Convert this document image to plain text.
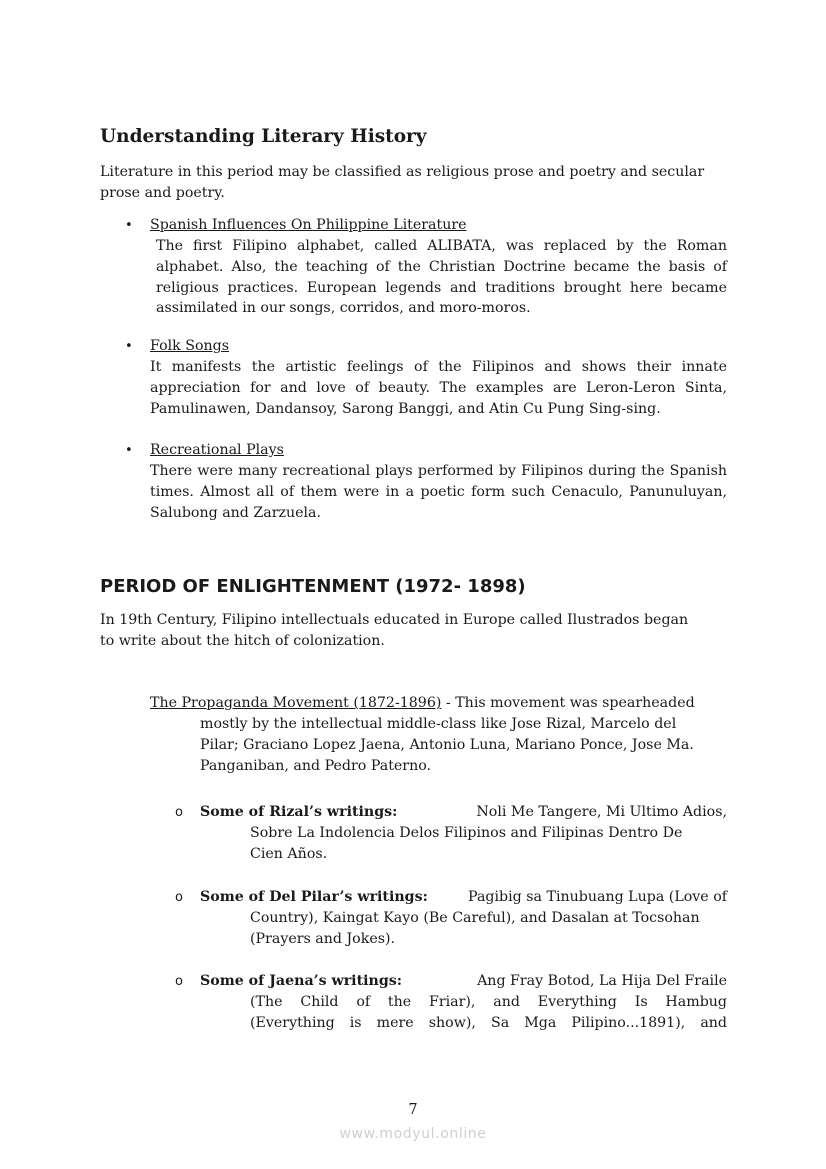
Understanding Literary History
Literature in this period may be classified as religious prose and poetry and secular
prose and poetry.
• Spanish Influences On Philippine Literature
The first Filipino alphabet, called ALIBATA, was replaced by the Roman alphabet. Also, the teaching of the Christian Doctrine became the basis of religious practices. European legends and traditions brought here became assimilated in our songs, corridos, and moro-moros.
• Folk Songs
It manifests the artistic feelings of the Filipinos and shows their innate appreciation for and love of beauty. The examples are Leron-Leron Sinta, Pamulinawen, Dandansoy, Sarong Banggi, and Atin Cu Pung Sing-sing.
• Recreational Plays
There were many recreational plays performed by Filipinos during the Spanish times. Almost all of them were in a poetic form such Cenaculo, Panunuluyan, Salubong and Zarzuela.
PERIOD OF ENLIGHTENMENT (1972- 1898)
In 19th Century, Filipino intellectuals educated in Europe called Ilustrados began
to write about the hitch of colonization.
The Propaganda Movement (1872-1896) - This movement was spearheaded
mostly by the intellectual middle-class like Jose Rizal, Marcelo del
Pilar; Graciano Lopez Jaena, Antonio Luna, Mariano Ponce, Jose Ma.
Panganiban, and Pedro Paterno.
o Some of Rizal’s writings:	Noli Me Tangere, Mi Ultimo Adios,
Sobre La Indolencia Delos Filipinos and Filipinas Dentro De
Cien Años.
o Some of Del Pilar’s writings:	Pagibig sa Tinubuang Lupa (Love of
Country), Kaingat Kayo (Be Careful), and Dasalan at Tocsohan
(Prayers and Jokes).
o Some of Jaena’s writings:	Ang Fray Botod, La Hija Del Fraile
(The Child of the Friar), and Everything Is Hambug
(Everything is mere show), Sa Mga Pilipino...1891), and
7
www.modyul.online
